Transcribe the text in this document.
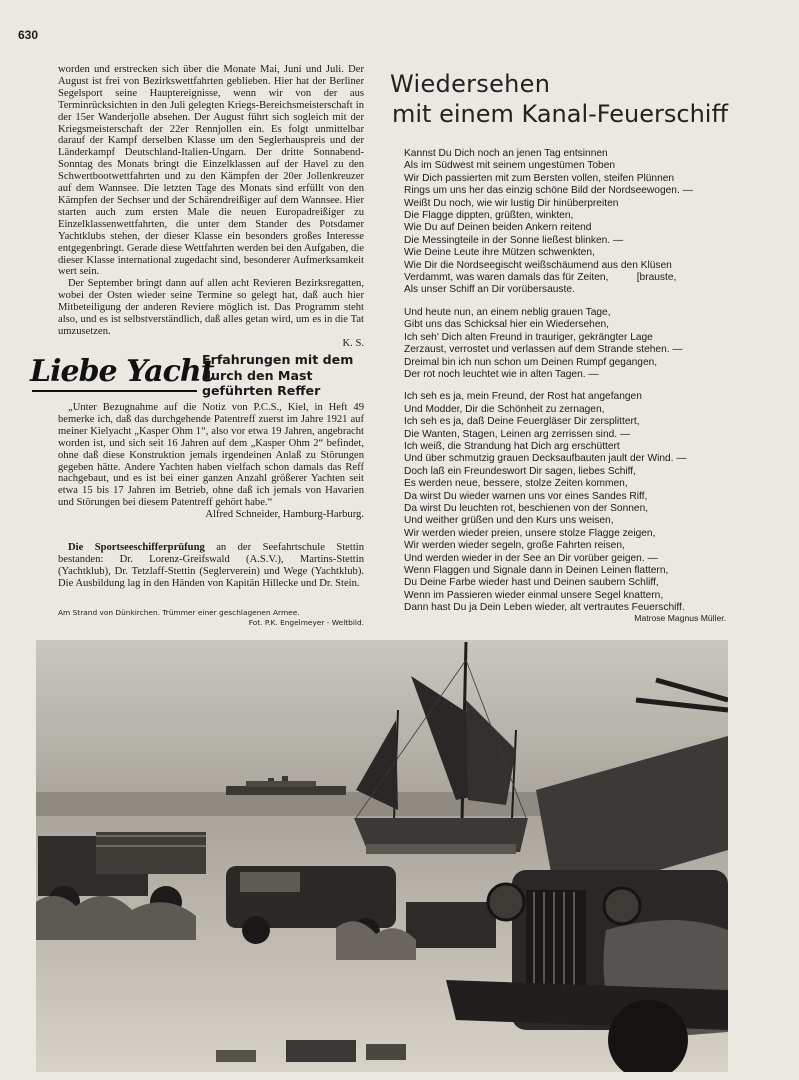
630

worden und erstrecken sich über die Monate Mai, Juni und Juli. Der August ist frei von Bezirkswettfahrten geblieben. Hier hat der Berliner Segelsport seine Hauptereignisse, wenn wir von der aus Terminrücksichten in den Juli gelegten Kriegs-Bereichsmeisterschaft in der 15er Wanderjolle absehen. Der August führt sich sogleich mit der Kriegsmeisterschaft der 22er Rennjollen ein. Es folgt unmittelbar darauf der Kampf derselben Klasse um den Seglerhauspreis und der Länderkampf Deutschland-Italien-Ungarn. Der dritte Sonnabend-Sonntag des Monats bringt die Einzelklassen auf der Havel zu den Schwertbootwettfahrten und zu den Kämpfen der 20er Jollenkreuzer auf dem Wannsee. Die letzten Tage des Monats sind erfüllt von den Kämpfen der Sechser und der Schärendreißiger auf dem Wannsee. Hier starten auch zum ersten Male die neuen Europadreißiger zu Einzelklassenwettfahrten, die unter dem Stander des Potsdamer Yachtklubs stehen, der dieser Klasse ein besonders großes Interesse entgegenbringt. Gerade diese Wettfahrten werden bei den Aufgaben, die dieser Klasse international zugedacht sind, besonderer Aufmerksamkeit wert sein.

Der September bringt dann auf allen acht Revieren Bezirksregatten, wobei der Osten wieder seine Termine so gelegt hat, daß auch hier Mitbeteiligung der anderen Reviere möglich ist. Das Programm steht also, und es ist selbstverständlich, daß alles getan wird, um es in die Tat umzusetzen.

K. S.

Liebe Yacht
Erfahrungen mit dem durch den Mast geführten Reffer

„Unter Bezugnahme auf die Notiz von P.C.S., Kiel, in Heft 49 bemerke ich, daß das durchgehende Patentreff zuerst im Jahre 1921 auf meiner Kielyacht „Kasper Ohm 1“, also vor etwa 19 Jahren, angebracht worden ist, und sich seit 16 Jahren auf dem „Kasper Ohm 2“ befindet, ohne daß diese Konstruktion jemals irgendeinen Anlaß zu Störungen gegeben hätte. Andere Yachten haben vielfach schon damals das Reff nachgebaut, und es ist bei einer ganzen Anzahl größerer Yachten seit etwa 15 bis 17 Jahren im Betrieb, ohne daß ich jemals von Havarien und Störungen bei diesem Patentreff gehört habe.“

Alfred Schneider, Hamburg-Harburg.

Die Sportseeschifferprüfung an der Seefahrtschule Stettin bestanden: Dr. Lorenz-Greifswald (A.S.V.), Martins-Stettin (Yachtklub), Dr. Tetzlaff-Stettin (Seglerverein) und Wege (Yachtklub). Die Ausbildung lag in den Händen von Kapitän Hillecke und Dr. Stein.

Am Strand von Dünkirchen. Trümmer einer geschlagenen Armee.
Fot. P.K. Engelmeyer - Weltbild.
Wiedersehen
mit einem Kanal-Feuerschiff
Kannst Du Dich noch an jenen Tag entsinnen
Als im Südwest mit seinem ungestümen Toben
Wir Dich passierten mit zum Bersten vollen, steifen Plünnen
Rings um uns her das einzig schöne Bild der Nordseewogen. —
Weißt Du noch, wie wir lustig Dir hinüberpreiten
Die Flagge dippten, grüßten, winkten,
Wie Du auf Deinen beiden Ankern reitend
Die Messingteile in der Sonne ließest blinken. —
Wie Deine Leute ihre Mützen schwenkten,
Wie Dir die Nordseegischt weißschäumend aus den Klüsen
Verdammt, was waren damals das für Zeiten,          [brauste,
Als unser Schiff an Dir vorübersauste.
Und heute nun, an einem neblig grauen Tage,
Gibt uns das Schicksal hier ein Wiedersehen,
Ich seh' Dich alten Freund in trauriger, gekrängter Lage
Zerzaust, verrostet und verlassen auf dem Strande stehen. —
Dreimal bin ich nun schon um Deinen Rumpf gegangen,
Der rot noch leuchtet wie in alten Tagen. —
Ich seh es ja, mein Freund, der Rost hat angefangen
Und Modder, Dir die Schönheit zu zernagen,
Ich seh es ja, daß Deine Feuergläser Dir zersplittert,
Die Wanten, Stagen, Leinen arg zerrissen sind. —
Ich weiß, die Strandung hat Dich arg erschüttert
Und über schmutzig grauen Decksaufbauten jault der Wind. —
Doch laß ein Freundeswort Dir sagen, liebes Schiff,
Es werden neue, bessere, stolze Zeiten kommen,
Da wirst Du wieder warnen uns vor eines Sandes Riff,
Da wirst Du leuchten rot, beschienen von der Sonnen,
Und weither grüßen und den Kurs uns weisen,
Wir werden wieder preien, unsere stolze Flagge zeigen,
Wir werden wieder segeln, große Fahrten reisen,
Und werden wieder in der See an Dir vorüber geigen. —
Wenn Flaggen und Signale dann in Deinen Leinen flattern,
Du Deine Farbe wieder hast und Deinen saubern Schliff,
Wenn im Passieren wieder einmal unsere Segel knattern,
Dann hast Du ja Dein Leben wieder, alt vertrautes Feuerschiff.
Matrose Magnus Müller.
